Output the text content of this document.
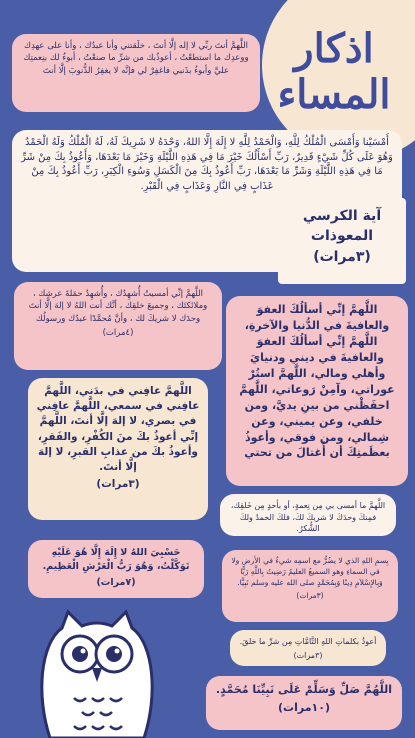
اذكار
المساء
اللَّهمَّ أنتَ ربِّي لا إله إلَّا أنتَ ، خلَقتني وأنا عبدُك ، وأنا على عهدِك ووعدِك ما استطعْتُ ، أعوذُبك من شرِّ ما صنعْتُ ، أبوءُ لك بنِعمتِك عليَّ وأبوءُ بذَنبي فاغفِرْ لي فإنَّه لا يغفِرُ الذُّنوبَ إلَّا أنتَ
أَمْسَيْنا وَأَمْسَى الْمُلْكُ لِلَّهِ، وَالْحَمْدُ لِلَّهِ لا إِلَهَ إِلَّا اللهُ، وَحْدَهُ لا شَرِيكَ لَهُ، لَهُ الْمُلْكُ وَلَهُ الْحَمْدُ وَهُوَ عَلَى كُلِّ شَيْءٍ قَدِيرٌ، رَبِّ أَسْأَلُكَ خَيْرَ مَا فِي هَذِهِ اللَّيْلَةِ وَخَيْرَ مَا بَعْدَهَا، وَأَعُوذُ بِكَ مِنْ شَرِّ مَا فِي هَذِهِ اللَّيْلَةِ وَشَرِّ مَا بَعْدَهَا، رَبِّ أَعُوذُ بِكَ مِنَ الْكَسَلِ وَسُوءِ الْكِبَرِ، رَبِّ أَعُوذُ بِكَ مِنْ عَذَابٍ فِي النَّارِ وَعَذَابٍ فِي الْقَبْرِ.
آية الكرسي
المعوذات
(٣مرات)
اللَّهمَّ إنِّي أمسيتُ أُشهِدُك ، وأُشهِدُ حمَلةَ عرشِك ، وملائكتَك ، وجميعَ خلقِك ، أنَّك أنت اللهُ لا إلهَ إلَّا أنتَ وحدَك لا شريكَ لك ، وأنَّ مُحمَّدًا عبدُك ورسولُك
(٤مرات)
اللَّهمَّ إنِّي أسألُكَ العفوَ والعافيةَ في الدُّنيا والآخرةِ، اللَّهمَّ إنِّي أسألُكَ العفوَ والعافيةَ في ديني ودنيايَ وأهلي ومالي، اللَّهمَّ استُرْ عوراتي، وآمِنْ رَوعاتي، اللَّهمَّ احفَظْني من بينِ يديَّ، ومن خلفي، وعن يميني، وعن شِمالي، ومن فوقي، وأعوذُ بعظَمتِكَ أن أُغتالَ من تحتي
اللَّهمَّ عافِني في بدَني، اللَّهمَّ عافِني في سمعي، اللَّهمَّ عافِني في بصري، لا إلهَ إلَّا أنتَ، اللَّهمَّ إنِّي أعوذُ بكَ منَ الكُفْرِ، والفَقرِ، وأعوذُ بكَ من عذابِ القبرِ، لا إلهَ إلَّا أنتَ.
(٣مرات)
اللَّهمَّ ما أمسى بي مِن نِعمةٍ، أو بأحدٍ مِن خَلقِك، فمِنكَ وحدَكَ لا شريكَ لكَ، فلكَ الحمدُ ولكَ الشُّكرُ.
حَسْبِيَ اللهُ لا إِلَهَ إِلَّا هُوَ عَلَيْهِ تَوَكَّلْتُ، وَهُوَ رَبُّ الْعَرْشِ الْعَظِيمِ.
(٧مرات)
بِسمِ اللهِ الذي لا يضُرُّ مع اسمِه شيءٌ في الأرضِ ولا في السماءِ وهو السميعُ العليمُ رَضِيتُ بِاللَّهِ رَبًّا وَبِالإِسْلاَمِ دِينًا وَبِمُحَمَّدٍ صلى الله عليه وسلم نَبِيًّا.
(٣مرات)
أعوذُ بكلماتِ اللهِ التَّامَّاتِ مِن شرِّ ما خلقَ.
(٣مرات)
اللَّهُمَّ صَلِّ وَسَلِّمْ عَلَى نَبِيِّنَا مُحَمَّدٍ.
(١٠مرات)
